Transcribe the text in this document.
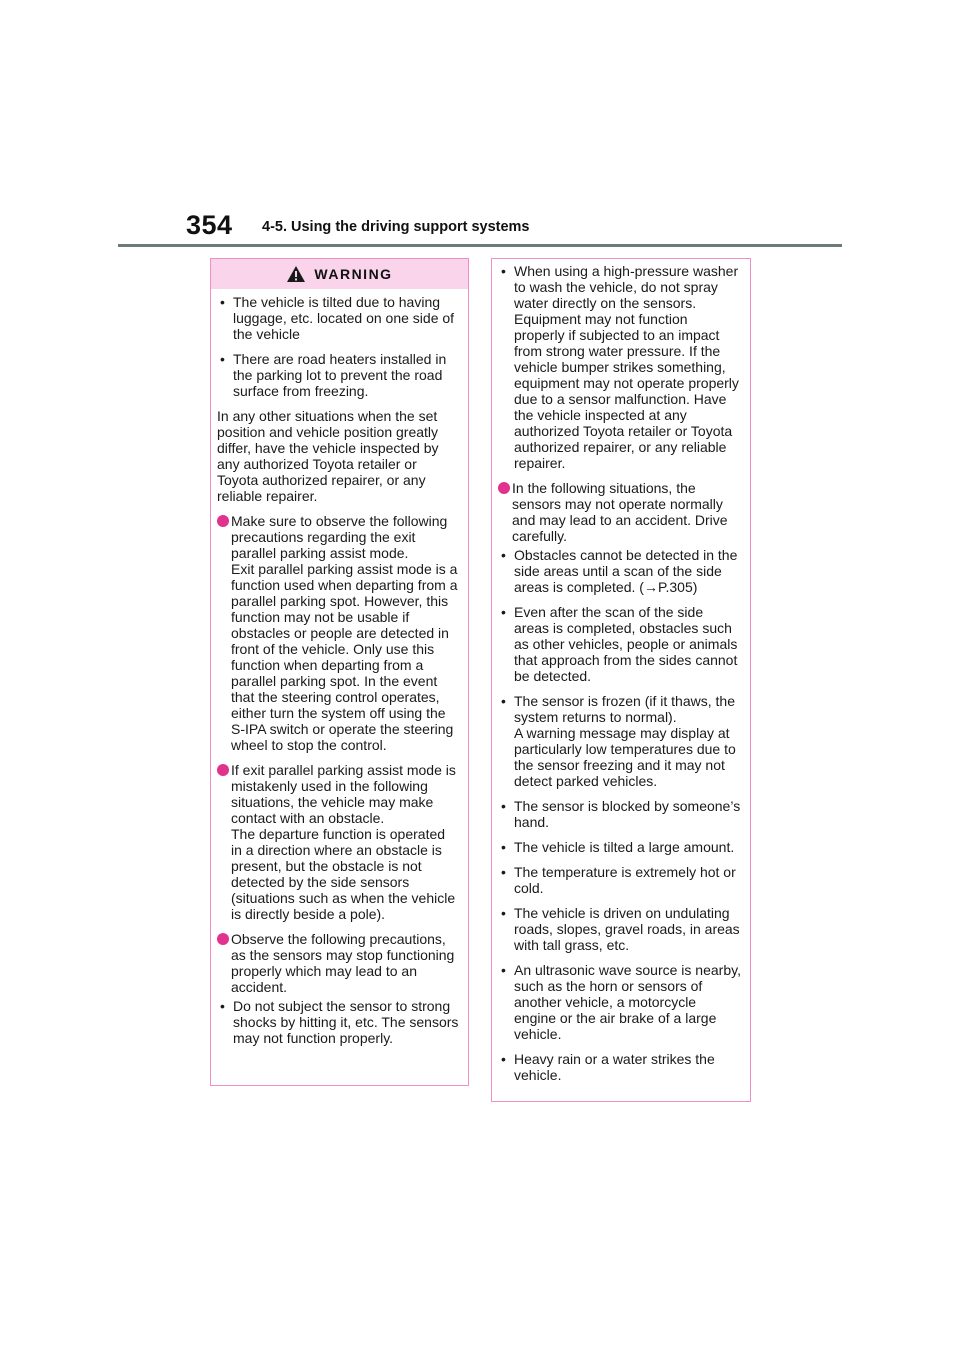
354 4-5. Using the driving support systems
WARNING
• The vehicle is tilted due to having luggage, etc. located on one side of the vehicle
• There are road heaters installed in the parking lot to prevent the road surface from freezing.
In any other situations when the set position and vehicle position greatly differ, have the vehicle inspected by any authorized Toyota retailer or Toyota authorized repairer, or any reliable repairer.
Make sure to observe the following precautions regarding the exit parallel parking assist mode.
Exit parallel parking assist mode is a function used when departing from a parallel parking spot. However, this function may not be usable if obstacles or people are detected in front of the vehicle. Only use this function when departing from a parallel parking spot. In the event that the steering control operates, either turn the system off using the S-IPA switch or operate the steering wheel to stop the control.
If exit parallel parking assist mode is mistakenly used in the following situations, the vehicle may make contact with an obstacle.
The departure function is operated in a direction where an obstacle is present, but the obstacle is not detected by the side sensors (situations such as when the vehicle is directly beside a pole).
Observe the following precautions, as the sensors may stop functioning properly which may lead to an accident.
• Do not subject the sensor to strong shocks by hitting it, etc. The sensors may not function properly.
• When using a high-pressure washer to wash the vehicle, do not spray water directly on the sensors. Equipment may not function properly if subjected to an impact from strong water pressure. If the vehicle bumper strikes something, equipment may not operate properly due to a sensor malfunction. Have the vehicle inspected at any authorized Toyota retailer or Toyota authorized repairer, or any reliable repairer.
In the following situations, the sensors may not operate normally and may lead to an accident. Drive carefully.
• Obstacles cannot be detected in the side areas until a scan of the side areas is completed. (→P.305)
• Even after the scan of the side areas is completed, obstacles such as other vehicles, people or animals that approach from the sides cannot be detected.
• The sensor is frozen (if it thaws, the system returns to normal).
A warning message may display at particularly low temperatures due to the sensor freezing and it may not detect parked vehicles.
• The sensor is blocked by someone’s hand.
• The vehicle is tilted a large amount.
• The temperature is extremely hot or cold.
• The vehicle is driven on undulating roads, slopes, gravel roads, in areas with tall grass, etc.
• An ultrasonic wave source is nearby, such as the horn or sensors of another vehicle, a motorcycle engine or the air brake of a large vehicle.
• Heavy rain or a water strikes the vehicle.
